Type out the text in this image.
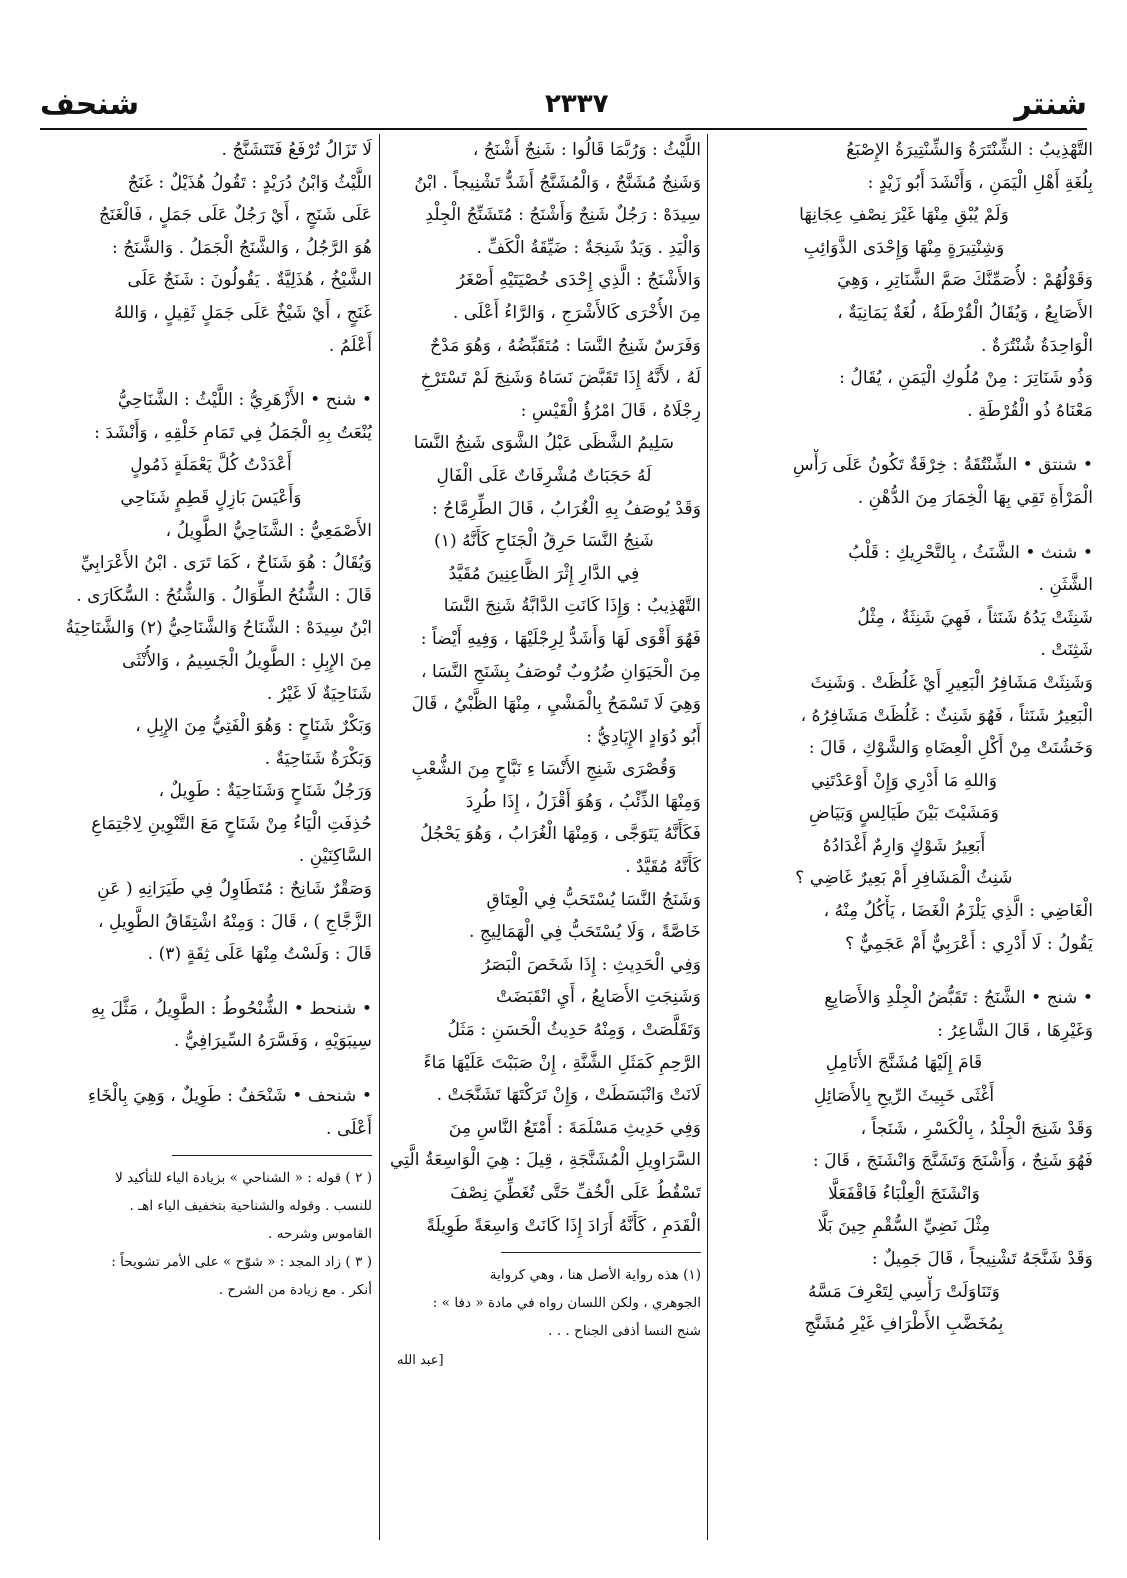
شنتر
٢٣٣٧
شنحف

التَّهْذِيبُ : الشِّنْتَرَةُ وَالشِّنْتِيرَةُ الإِصْبَعُ

بِلُغَةِ أَهْلِ الْيَمَنِ ، وَأَنْشَدَ أَبُو زَيْدٍ :

وَلَمْ يُبْقِ مِنْهَا غَيْرَ نِصْفِ عِجَانِهَا

وَشِنْتِيرَةٍ مِنْهَا وَإِحْدَى الذَّوَائِبِ

وَقَوْلُهُمْ : لأُصَمِّنَّكَ صَمَّ الشَّنَاتِرِ ، وَهِيَ

الأَصَابِعُ ، وَيُقَالُ الْقُرْطَةُ ، لُغَةٌ يَمَانِيَةٌ ،

الْوَاحِدَةُ شُنْتُرَةٌ .

وَذُو شَنَاتِرَ : مِنْ مُلُوكِ الْيَمَنِ ، يُقَالُ :

مَعْنَاهُ ذُو الْقُرْطَةِ .

• شنتق • الشِّنْتُقَةُ : خِرْقَةٌ تَكُونُ عَلَى رَأْسِ

الْمَرْأَةِ تَقِي بِهَا الْخِمَارَ مِنَ الدُّهْنِ .

• شنث • الشَّنَثُ ، بِالتَّحْرِيكِ : قَلْبُ

الشَّثَنِ .

شَنِثَتْ يَدُهُ شَنَثاً ، فَهِيَ شَنِثَةٌ ، مِثْلُ

شَثِنَتْ .

وَشَنِثَتْ مَشَافِرُ الْبَعِيرِ أَيْ غَلُظَتْ . وَشَنِثَ

الْبَعِيرُ شَنَثاً ، فَهُوَ شَنِثٌ : غَلُظَتْ مَشَافِرُهُ ،

وَخَشُنَتْ مِنْ أَكْلِ الْعِضَاهِ وَالشَّوْكِ ، قَالَ :

وَاللهِ مَا أَدْرِي وَإِنْ أَوْعَدْتَنِي

وَمَشَيْتَ بَيْنَ طَيَالِسٍ وَبَيَاضِ

أَبَعِيرُ شَوْكٍ وَارِمٌ أَغْدَادُهُ

شَنِثُ الْمَشَافِرِ أَمْ بَعِيرٌ غَاضِي ؟

الْغَاضِي : الَّذِي يَلْزَمُ الْغَضَا ، يَأْكُلُ مِنْهُ ،

يَقُولُ : لَا أَدْرِي : أَعْرَبِيٌّ أَمْ عَجَمِيٌّ ؟

• شنج • الشَّنَجُ : تَقَبُّضُ الْجِلْدِ وَالأَصَابِعِ

وَغَيْرِهَا ، قَالَ الشَّاعِرُ :

قَامَ إِلَيْهَا مُشَنَّجَ الأَنَامِلِ

أَغْثَى خَبِيثَ الرِّيحِ بِالأَصَائِلِ

وَقَدْ شَنِجَ الْجِلْدُ ، بِالْكَسْرِ ، شَنَجاً ،

فَهُوَ شَنِجٌ ، وَأَشْنَجَ وَتَشَنَّجَ وَانْشَنَجَ ، قَالَ :

وَانْشَنَجَ الْعِلْبَاءُ فَاقْفَعَلَّا

مِثْلَ نَضِيِّ السُّقْمِ حِينَ بَلَّا

وَقَدْ شَنَّجَهُ تَشْنِيجاً ، قَالَ جَمِيلٌ :

وَتَنَاوَلَتْ رَأْسِي لِتَعْرِفَ مَسَّهُ

بِمُخَضَّبِ الأَطْرَافِ غَيْرِ مُشَنَّجِ

اللَّيْثُ : وَرُبَّمَا قَالُوا : شَنِجٌ أَشْنَجُ ،

وَشَنِجٌ مُشَنَّجٌ ، وَالْمُشَنَّجُ أَشَدُّ تَشْنِيجاً . ابْنُ

سِيدَهْ : رَجُلٌ شَنِجٌ وَأَشْنَجُ : مُتَشَنِّجُ الْجِلْدِ

وَالْيَدِ . وَيَدٌ شَنِجَةٌ : ضَيِّقَةُ الْكَفِّ .

وَالأَشْنَجُ : الَّذِي إِحْدَى خُصْيَتَيْهِ أَصْغَرُ

مِنَ الأُخْرَى كَالأَشْرَجِ ، وَالرَّاءُ أَعْلَى .

وَفَرَسٌ شَنِجُ النَّسَا : مُتَقَبِّضُهُ ، وَهُوَ مَدْحٌ

لَهُ ، لأَنَّهُ إِذَا تَقَبَّضَ نَسَاهُ وَشَنِجَ لَمْ تَسْتَرْخِ

رِجْلَاهُ ، قَالَ امْرُؤُ الْقَيْسِ :

سَلِيمُ الشَّظَى عَبْلُ الشَّوَى شَنِجُ النَّسَا

لَهُ حَجَبَاتٌ مُشْرِفَاتٌ عَلَى الْفَالِ

وَقَدْ يُوصَفُ بِهِ الْغُرَابُ ، قَالَ الطِّرِمَّاحُ :

شَنِجُ النَّسَا حَرِقُ الْجَنَاحِ كَأَنَّهُ (١)

فِي الدَّارِ إِثْرَ الظَّاعِنِينَ مُقَيَّدُ

التَّهْذِيبُ : وَإِذَا كَانَتِ الدَّابَّةُ شَنِجَ النَّسَا

فَهُوَ أَقْوَى لَهَا وَأَشَدُّ لِرِجْلَيْهَا ، وَفِيهِ أَيْضاً :

مِنَ الْحَيَوَانِ ضُرُوبٌ تُوصَفُ بِشَنَجِ النَّسَا ،

وَهِيَ لَا تَسْمَحُ بِالْمَشْيِ ، مِنْهَا الظَّبْيُ ، قَالَ

أَبُو دُوَادٍ الإِيَادِيُّ :

وَقُصْرَى شَنِجِ الأَنْسَا ءِ نَبَّاحٍ مِنَ الشُّعْبِ

وَمِنْهَا الذِّئْبُ ، وَهُوَ أَقْزَلُ ، إِذَا طُرِدَ

فَكَأَنَّهُ يَتَوَجَّى ، وَمِنْهَا الْغُرَابُ ، وَهُوَ يَحْجُلُ

كَأَنَّهُ مُقَيَّدٌ .

وَشَنَجُ النَّسَا يُسْتَحَبُّ فِي الْعِتَاقِ

خَاصَّةً ، وَلَا يُسْتَحَبُّ فِي الْهَمَالِيجِ .

وَفِي الْحَدِيثِ : إِذَا شَخَصَ الْبَصَرُ

وَشَنِجَتِ الأَصَابِعُ ، أَيِ انْقَبَضَتْ

وَتَقَلَّصَتْ ، وَمِنْهُ حَدِيثُ الْحَسَنِ : مَثَلُ

الرَّحِمِ كَمَثَلِ الشَّنَّةِ ، إِنْ صَبَبْتَ عَلَيْهَا مَاءً

لَانَتْ وَانْبَسَطَتْ ، وَإِنْ تَرَكْتَهَا تَشَنَّجَتْ .

وَفِي حَدِيثِ مَسْلَمَةَ : أَمْتَعُ النَّاسِ مِنَ

السَّرَاوِيلِ الْمُشَنَّجَةِ ، قِيلَ : هِيَ الْوَاسِعَةُ الَّتِي

تَسْقُطُ عَلَى الْخُفِّ حَتَّى تُغَطِّيَ نِصْفَ

الْقَدَمِ ، كَأَنَّهُ أَرَادَ إِذَا كَانَتْ وَاسِعَةً طَوِيلَةً

(١) هذه رواية الأصل هنا ، وهي كرواية

الجوهري ، ولكن اللسان رواه في مادة « دفا » :

شنج النسا أذفى الجناح . . .

[عبد الله

لَا تَزَالُ تُرْفَعُ فَتَتَشَنَّجُ .

اللَّيْثُ وَابْنُ دُرَيْدٍ : تَقُولُ هُذَيْلٌ : غَنَجٌ

عَلَى شَنَجٍ ، أَيْ رَجُلٌ عَلَى جَمَلٍ ، فَالْغَنَجُ

هُوَ الرَّجُلُ ، وَالشَّنَجُ الْجَمَلُ . وَالشَّنَجُ :

الشَّيْخُ ، هُذَلِيَّةٌ . يَقُولُونَ : شَنَجٌ عَلَى

غَنَجٍ ، أَيْ شَيْخٌ عَلَى جَمَلٍ ثَقِيلٍ ، وَاللهُ

أَعْلَمُ .

• شنح • الأَزْهَرِيُّ : اللَّيْثُ : الشَّنَاحِيُّ

يُنْعَتُ بِهِ الْجَمَلُ فِي تَمَامِ خَلْقِهِ ، وَأَنْشَدَ :

أَعْدَدْتُ كُلَّ يَعْمَلَةٍ ذَمُولٍ

وَأَعْيَسَ بَازِلٍ قَطِمٍ شَنَاحِي

الأَصْمَعِيُّ : الشَّنَاحِيُّ الطَّوِيلُ ،

وَيُقَالُ : هُوَ شَنَاحٌ ، كَمَا تَرَى . ابْنُ الأَعْرَابِيِّ

قَالَ : الشُّنُحُ الطِّوَالُ . وَالشُّنُحُ : السُّكَارَى .

ابْنُ سِيدَهْ : الشَّنَاحُ وَالشَّنَاحِيُّ (٢) وَالشَّنَاحِيَةُ

مِنَ الإِبِلِ : الطَّوِيلُ الْجَسِيمُ ، وَالأُنْثَى

شَنَاحِيَةٌ لَا غَيْرُ .

وَبَكْرٌ شَنَاحٍ : وَهُوَ الْفَتِيُّ مِنَ الإِبِلِ ،

وَبَكْرَةٌ شَنَاحِيَةٌ .

وَرَجُلٌ شَنَاحٍ وَشَنَاحِيَةٌ : طَوِيلٌ ،

حُذِفَتِ الْيَاءُ مِنْ شَنَاحٍ مَعَ التَّنْوِينِ لِاجْتِمَاعِ

السَّاكِنَيْنِ .

وَصَقْرٌ شَانِحٌ : مُتَطَاوِلٌ فِي طَيَرَانِهِ ( عَنِ

الزَّجَّاجِ ) ، قَالَ : وَمِنْهُ اشْتِقَاقُ الطَّوِيلِ ،

قَالَ : وَلَسْتُ مِنْهَا عَلَى ثِقَةٍ (٣) .

• شنحط • الشُّنْحُوطُ : الطَّوِيلُ ، مَثَّلَ بِهِ

سِيبَوَيْهِ ، وَفَسَّرَهُ السِّيرَافِيُّ .

• شنحف • شَنْحَفٌ : طَوِيلٌ ، وَهِيَ بِالْخَاءِ

أَعْلَى .

( ٢ ) قوله : « الشناحي » بزيادة الياء للتأكيد لا

للنسب . وقوله والشناحية بتخفيف الياء اهـ .

القاموس وشرحه .

( ٣ ) زاد المجد : « شوّح » على الأمر تشويحاً :

أنكر . مع زيادة من الشرح .
